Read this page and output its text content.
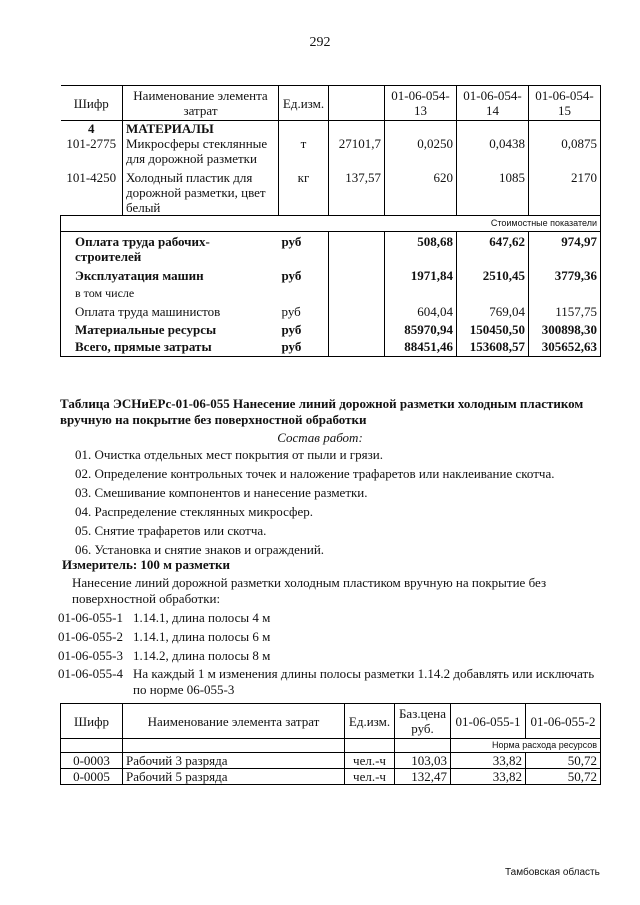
292
Шифр	Наименование элемента затрат	Ед.изм.		01-06-054-13	01-06-054-14	01-06-054-15
4	МАТЕРИАЛЫ					
101-2775	Микросферы стеклянные для дорожной разметки	т	27101,7	0,0250	0,0438	0,0875
101-4250	Холодный пластик для дорожной разметки, цвет белый	кг	137,57	620	1085	2170
				Стоимостные показатели		
Оплата труда рабочих-строителей		руб		508,68	647,62	974,97
Эксплуатация машин		руб		1971,84	2510,45	3779,36
в том числе						
Оплата труда машинистов		руб		604,04	769,04	1157,75
Материальные ресурсы		руб		85970,94	150450,50	300898,30
Всего, прямые затраты		руб		88451,46	153608,57	305652,63
Таблица ЭСНиЕРс-01-06-055 Нанесение линий дорожной разметки холодным пластиком вручную на покрытие без поверхностной обработки
Состав работ:
01. Очистка отдельных мест покрытия от пыли и грязи.
02. Определение контрольных точек и наложение трафаретов или наклеивание скотча.
03. Смешивание компонентов и нанесение разметки.
04. Распределение стеклянных микросфер.
05. Снятие трафаретов или скотча.
06. Установка и снятие знаков и ограждений.
Измеритель: 100 м разметки
Нанесение линий дорожной разметки холодным пластиком вручную на покрытие без поверхностной обработки:
01-06-055-1 1.14.1, длина полосы 4 м
01-06-055-2 1.14.1, длина полосы 6 м
01-06-055-3 1.14.2, длина полосы 8 м
01-06-055-4 На каждый 1 м изменения длины полосы разметки 1.14.2 добавлять или исключать по норме 06-055-3
Шифр	Наименование элемента затрат	Ед.изм.	Баз.цена руб.	01-06-055-1	01-06-055-2
				Норма расхода ресурсов	
0-0003	Рабочий 3 разряда	чел.-ч	103,03	33,82	50,72
0-0005	Рабочий 5 разряда	чел.-ч	132,47	33,82	50,72
Тамбовская область
